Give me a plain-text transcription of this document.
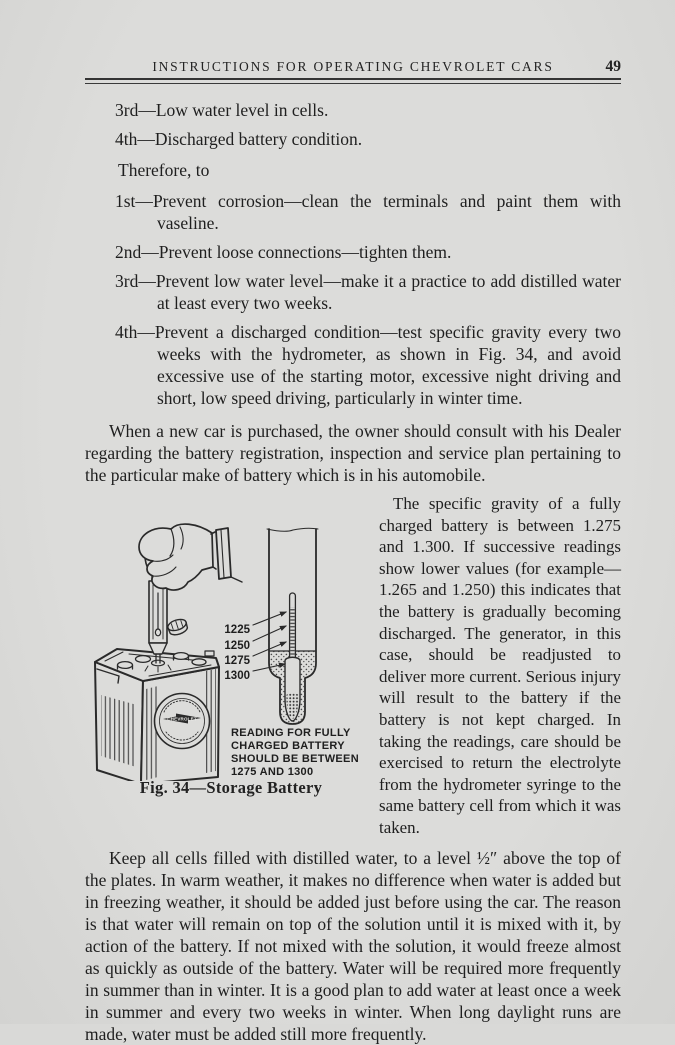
INSTRUCTIONS FOR OPERATING CHEVROLET CARS	49
3rd—Low water level in cells.
4th—Discharged battery condition.
Therefore, to
1st—Prevent corrosion—clean the terminals and paint them with vaseline.
2nd—Prevent loose connections—tighten them.
3rd—Prevent low water level—make it a practice to add distilled water at least every two weeks.
4th—Prevent a discharged condition—test specific gravity every two weeks with the hydrometer, as shown in Fig. 34, and avoid excessive use of the starting motor, excessive night driving and short, low speed driving, particularly in winter time.

When a new car is purchased, the owner should consult with his Dealer regarding the battery registration, inspection and service plan pertaining to the particular make of battery which is in his automobile.

CHEVROLET
1225
1250
1275
1300
READING FOR FULLY
CHARGED BATTERY
SHOULD BE BETWEEN
1275 AND 1300
Fig. 34—Storage Battery
The specific gravity of a fully charged battery is between 1.275 and 1.300. If successive readings show lower values (for example—1.265 and 1.250) this indicates that the battery is gradually becoming discharged. The generator, in this case, should be readjusted to deliver more current. Serious injury will result to the battery if the battery is not kept charged. In taking the readings, care should be exercised to return the electrolyte from the hydrometer syringe to the same battery cell from which it was taken.

Keep all cells filled with distilled water, to a level ½″ above the top of the plates. In warm weather, it makes no difference when water is added but in freezing weather, it should be added just before using the car. The reason is that water will remain on top of the solution until it is mixed with it, by action of the battery. If not mixed with the solution, it would freeze almost as quickly as outside of the battery. Water will be required more frequently in summer than in winter. It is a good plan to add water at least once a week in summer and every two weeks in winter. When long daylight runs are made, water must be added still more frequently.
